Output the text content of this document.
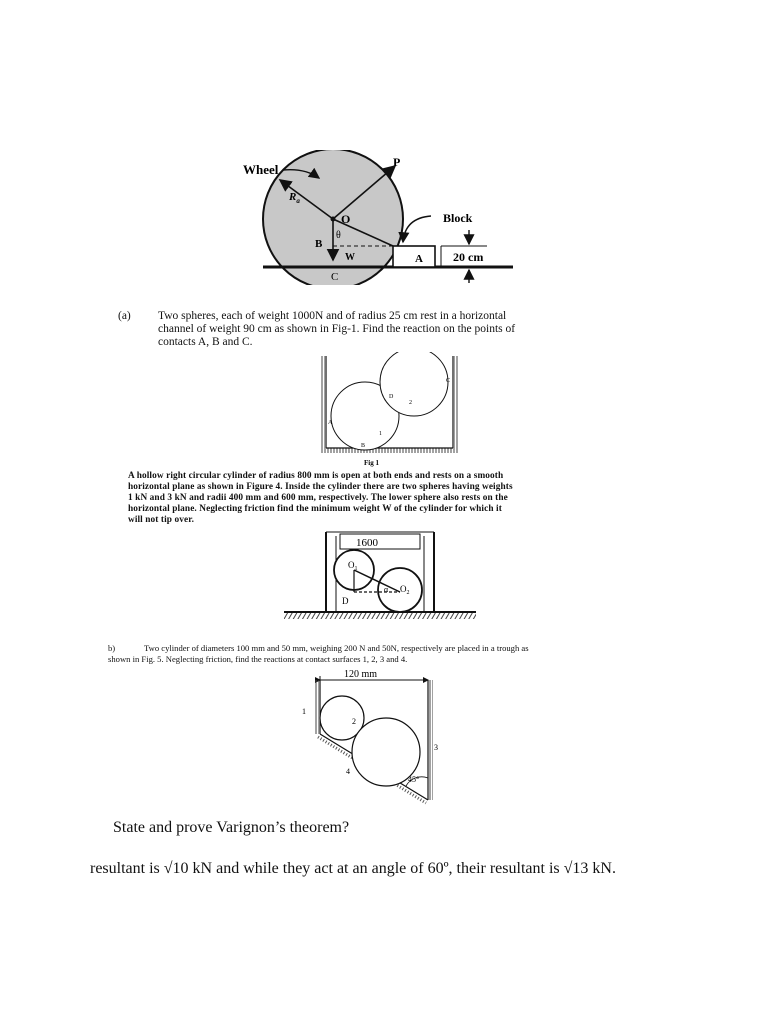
Wheel	P
$R_a$
O
θ
B
W	A
C
Block
20 cm
(a) Two spheres, each of weight 1000N and of radius 25 cm rest in a horizontal
channel of weight 90 cm as shown in Fig-1. Find the reaction on the points of
contacts A, B and C.
A
B
C
D
1
2
Fig 1
A hollow right circular cylinder of radius 800 mm is open at both ends and rests on a smooth
horizontal plane as shown in Figure 4. Inside the cylinder there are two spheres having weights
1 kN and 3 kN and radii 400 mm and 600 mm, respectively. The lower sphere also rests on the
horizontal plane. Neglecting friction find the minimum weight W of the cylinder for which it
will not tip over.
1600
$O_1$
$O_2$
D
α
b)	Two cylinder of diameters 100 mm and 50 mm, weighing 200 N and 50N, respectively are placed in a trough as
shown in Fig. 5. Neglecting friction, find the reactions at contact surfaces 1, 2, 3 and 4.
120 mm
1
2
3
4
45°
State and prove Varignon’s theorem?
resultant is √10 kN and while they act at an angle of 60º, their resultant is √13 kN.
